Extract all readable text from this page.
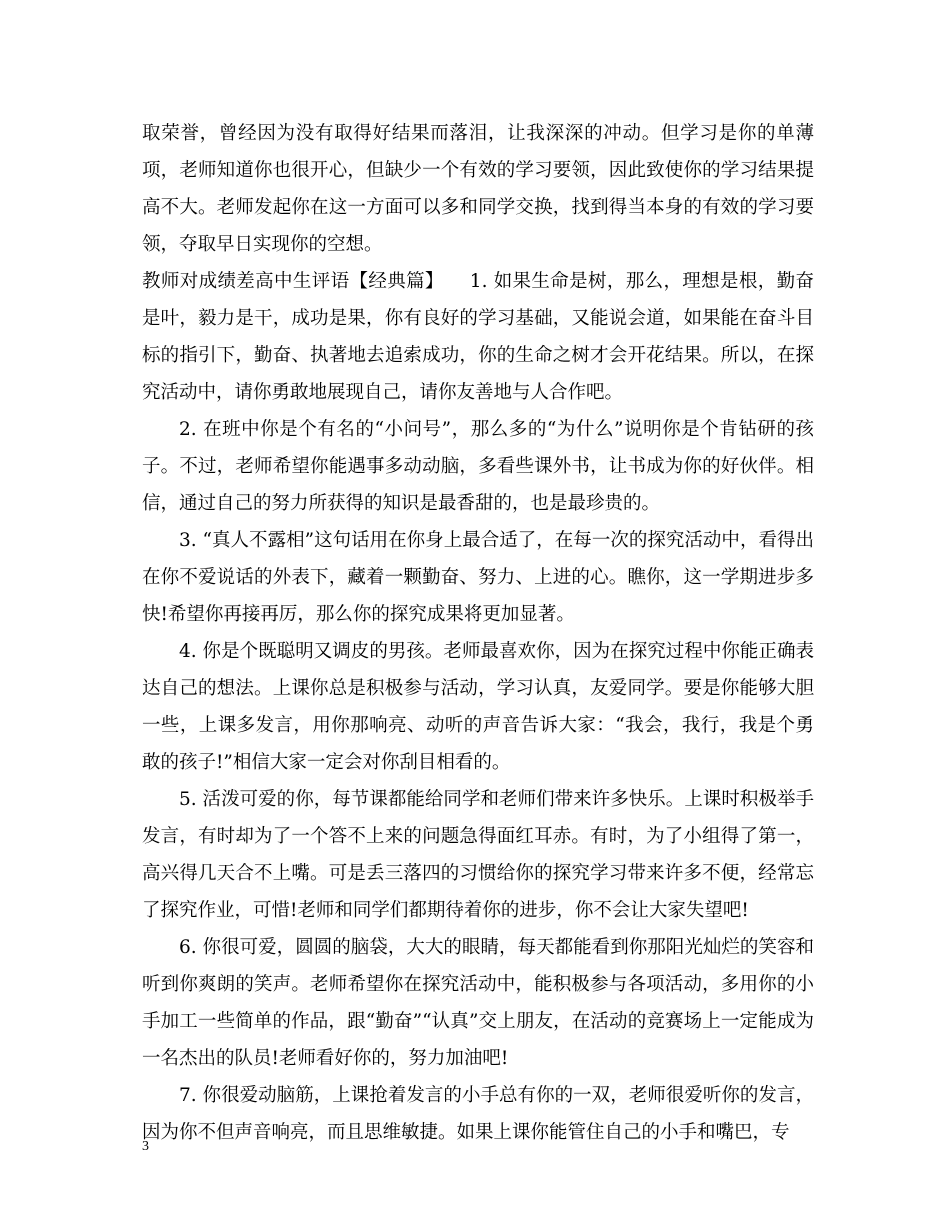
取荣誉，曾经因为没有取得好结果而落泪，让我深深的冲动。但学习是你的单薄项，老师知道你也很开心，但缺少一个有效的学习要领，因此致使你的学习结果提高不大。老师发起你在这一方面可以多和同学交换，找到得当本身的有效的学习要领，夺取早日实现你的空想。

教师对成绩差高中生评语【经典篇】 1. 如果生命是树，那么，理想是根，勤奋是叶，毅力是干，成功是果，你有良好的学习基础，又能说会道，如果能在奋斗目标的指引下，勤奋、执著地去追索成功，你的生命之树才会开花结果。所以，在探究活动中，请你勇敢地展现自己，请你友善地与人合作吧。

2. 在班中你是个有名的“小问号”，那么多的“为什么”说明你是个肯钻研的孩子。不过，老师希望你能遇事多动动脑，多看些课外书，让书成为你的好伙伴。相信，通过自己的努力所获得的知识是最香甜的，也是最珍贵的。

3. “真人不露相”这句话用在你身上最合适了，在每一次的探究活动中，看得出在你不爱说话的外表下，藏着一颗勤奋、努力、上进的心。瞧你，这一学期进步多快!希望你再接再厉，那么你的探究成果将更加显著。

4. 你是个既聪明又调皮的男孩。老师最喜欢你，因为在探究过程中你能正确表达自己的想法。上课你总是积极参与活动，学习认真，友爱同学。要是你能够大胆一些，上课多发言，用你那响亮、动听的声音告诉大家：“我会，我行，我是个勇敢的孩子!”相信大家一定会对你刮目相看的。

5. 活泼可爱的你，每节课都能给同学和老师们带来许多快乐。上课时积极举手发言，有时却为了一个答不上来的问题急得面红耳赤。有时，为了小组得了第一，高兴得几天合不上嘴。可是丢三落四的习惯给你的探究学习带来许多不便，经常忘了探究作业，可惜!老师和同学们都期待着你的进步，你不会让大家失望吧!

6. 你很可爱，圆圆的脑袋，大大的眼睛，每天都能看到你那阳光灿烂的笑容和听到你爽朗的笑声。老师希望你在探究活动中，能积极参与各项活动，多用你的小手加工一些简单的作品，跟“勤奋”“认真”交上朋友，在活动的竞赛场上一定能成为一名杰出的队员!老师看好你的，努力加油吧!

7. 你很爱动脑筋，上课抢着发言的小手总有你的一双，老师很爱听你的发言，因为你不但声音响亮，而且思维敏捷。如果上课你能管住自己的小手和嘴巴，专

3
